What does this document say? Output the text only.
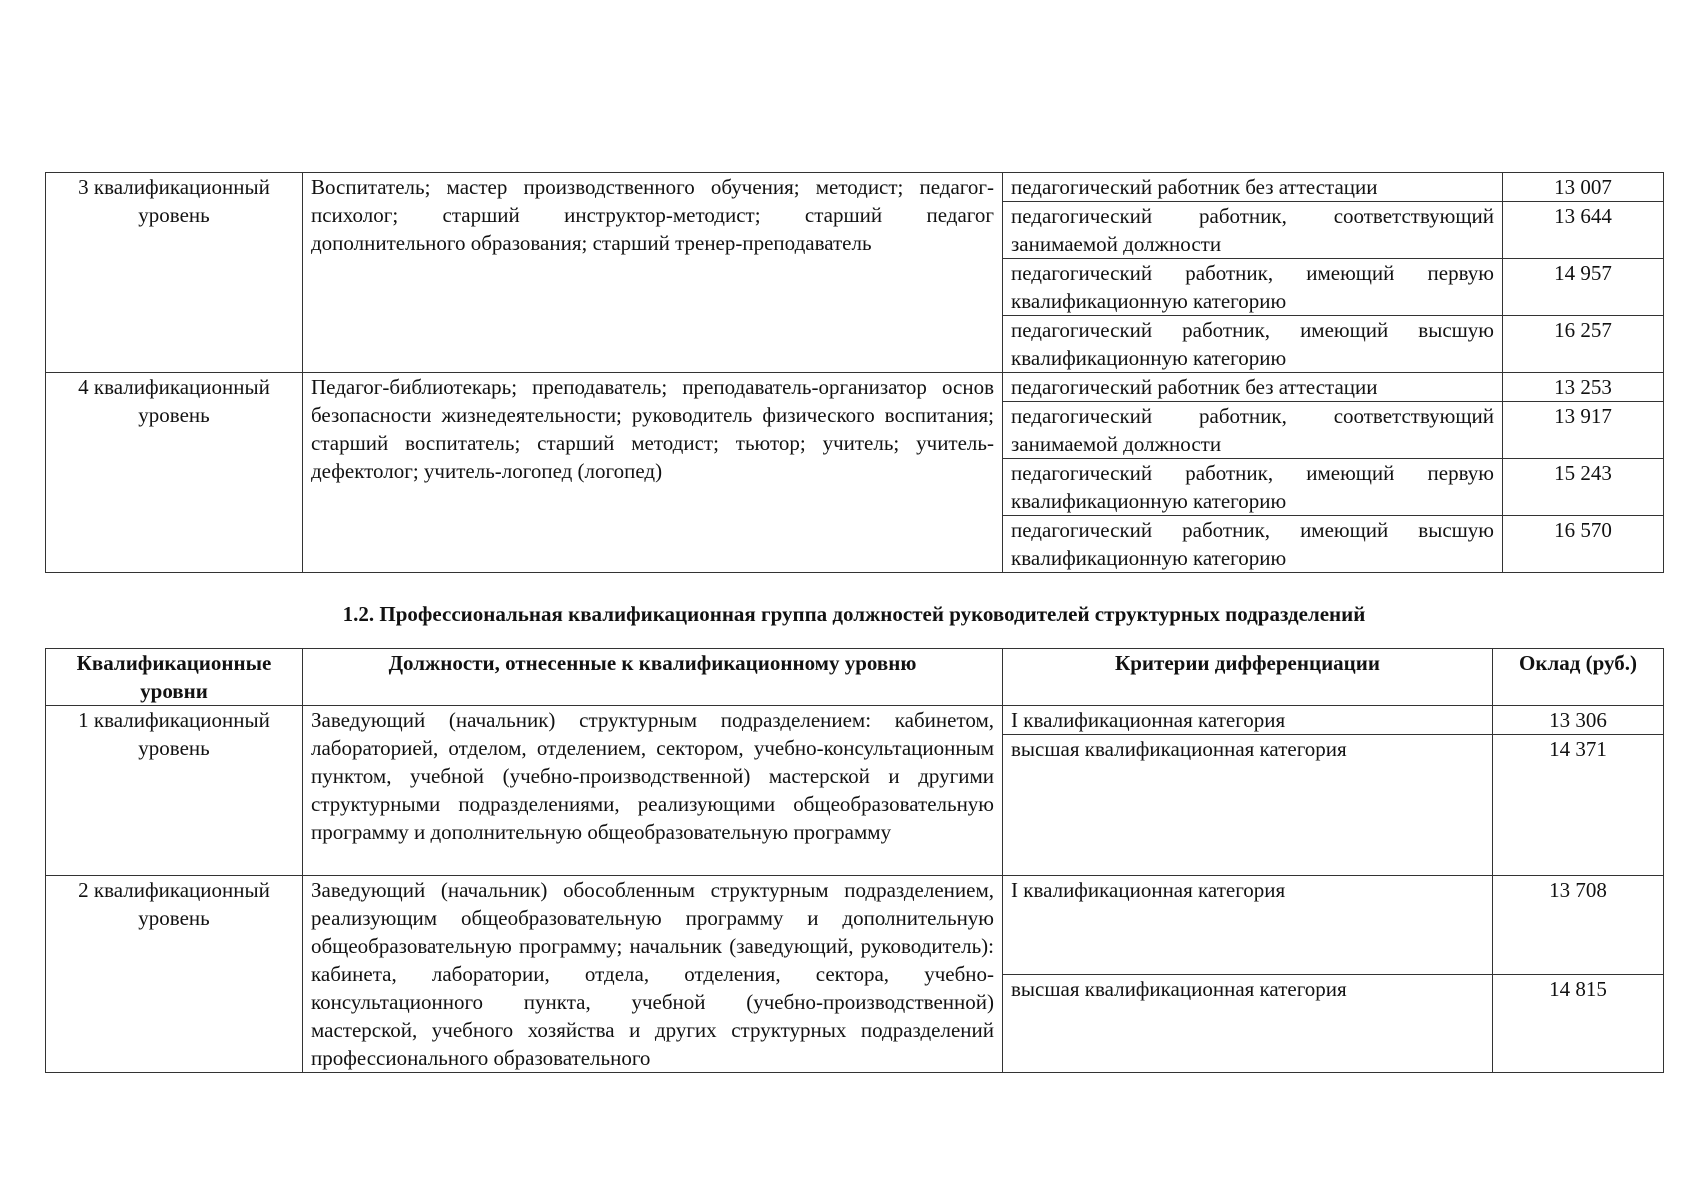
3 квалификационный уровень	Воспитатель; мастер производственного обучения; методист; педагог-психолог; старший инструктор-методист; старший педагог дополнительного образования; старший тренер-преподаватель	педагогический работник без аттестации	13 007
		педагогический работник, соответствующий занимаемой должности	13 644
		педагогический работник, имеющий первую квалификационную категорию	14 957
		педагогический работник, имеющий высшую квалификационную категорию	16 257
4 квалификационный уровень	Педагог-библиотекарь; преподаватель; преподаватель-организатор основ безопасности жизнедеятельности; руководитель физического воспитания; старший воспитатель; старший методист; тьютор; учитель; учитель-дефектолог; учитель-логопед (логопед)	педагогический работник без аттестации	13 253
		педагогический работник, соответствующий занимаемой должности	13 917
		педагогический работник, имеющий первую квалификационную категорию	15 243
		педагогический работник, имеющий высшую квалификационную категорию	16 570
1.2. Профессиональная квалификационная группа должностей руководителей структурных подразделений
Квалификационные уровни	Должности, отнесенные к квалификационному уровню	Критерии дифференциации	Оклад (руб.)
1 квалификационный уровень	Заведующий (начальник) структурным подразделением: кабинетом, лабораторией, отделом, отделением, сектором, учебно-консультационным пунктом, учебной (учебно-производственной) мастерской и другими структурными подразделениями, реализующими общеобразовательную программу и дополнительную общеобразовательную программу	I квалификационная категория	13 306
		высшая квалификационная категория	14 371
2 квалификационный уровень	Заведующий (начальник) обособленным структурным подразделением, реализующим общеобразовательную программу и дополнительную общеобразовательную программу; начальник (заведующий, руководитель): кабинета, лаборатории, отдела, отделения, сектора, учебно-консультационного пункта, учебной (учебно-производственной) мастерской, учебного хозяйства и других структурных подразделений профессионального образовательного	I квалификационная категория	13 708
		высшая квалификационная категория	14 815
